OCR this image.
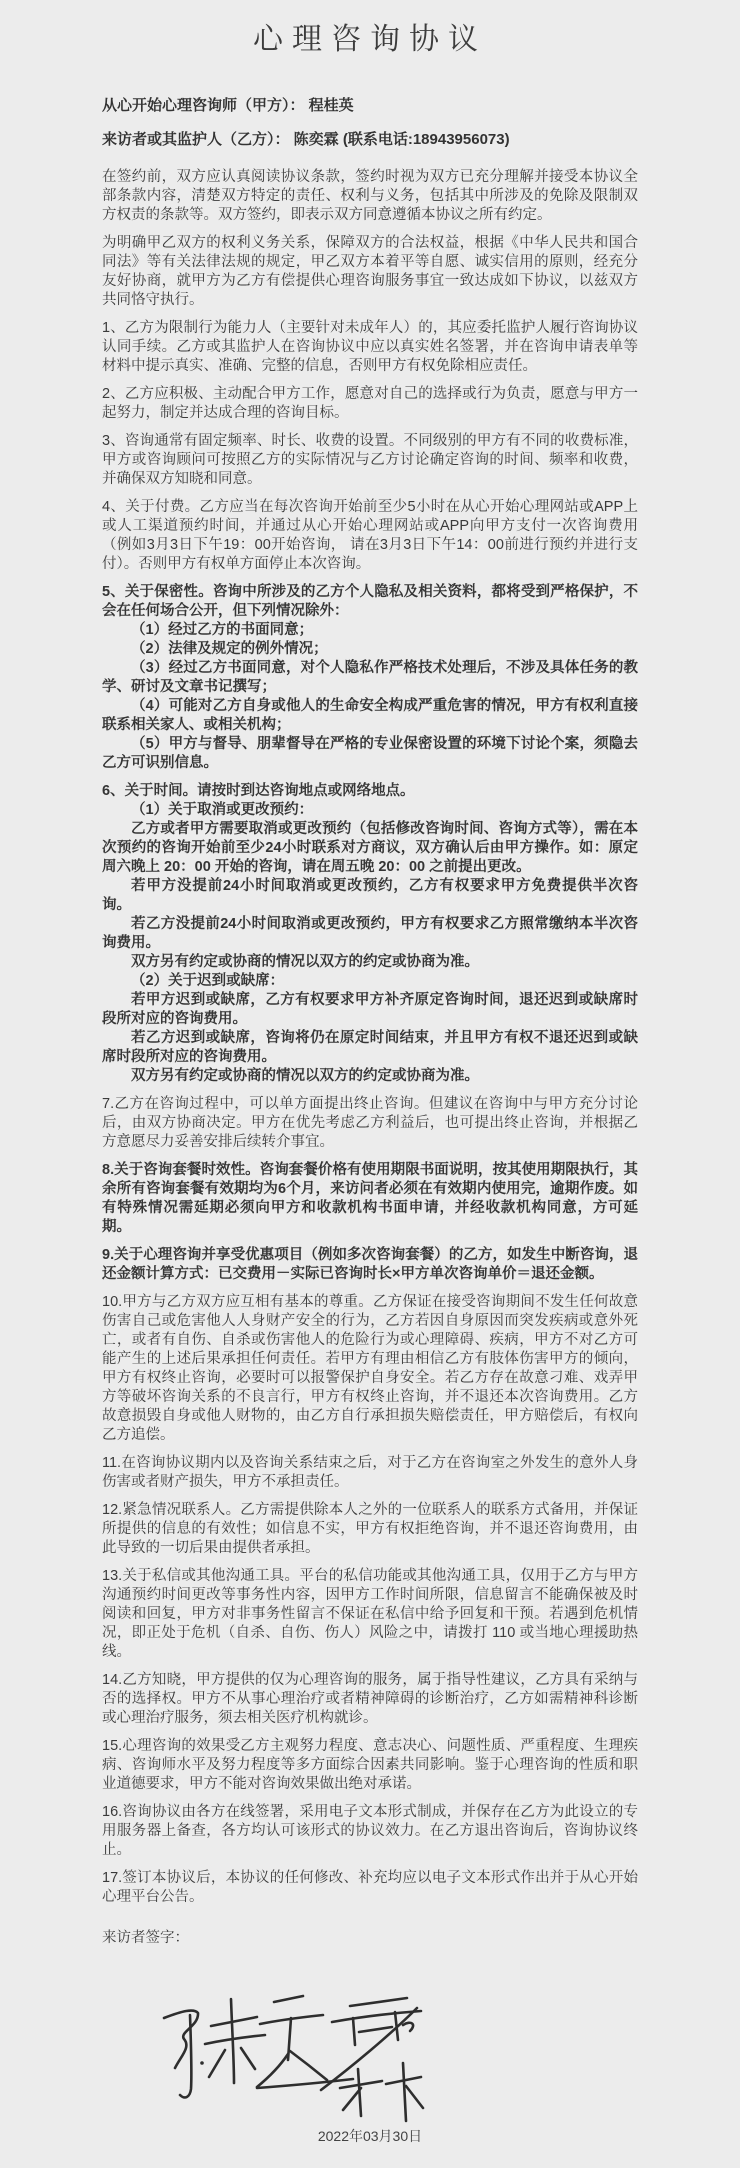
心理咨询协议

从心开始心理咨询师（甲方）： 程桂英

来访者或其监护人（乙方）： 陈奕霖 (联系电话:18943956073)

在签约前，双方应认真阅读协议条款，签约时视为双方已充分理解并接受本协议全部条款内容，清楚双方特定的责任、权利与义务，包括其中所涉及的免除及限制双方权责的条款等。双方签约，即表示双方同意遵循本协议之所有约定。

为明确甲乙双方的权利义务关系，保障双方的合法权益，根据《中华人民共和国合同法》等有关法律法规的规定，甲乙双方本着平等自愿、诚实信用的原则，经充分友好协商，就甲方为乙方有偿提供心理咨询服务事宜一致达成如下协议，以兹双方共同恪守执行。

1、乙方为限制行为能力人（主要针对未成年人）的，其应委托监护人履行咨询协议认同手续。乙方或其监护人在咨询协议中应以真实姓名签署，并在咨询申请表单等材料中提示真实、准确、完整的信息，否则甲方有权免除相应责任。

2、乙方应积极、主动配合甲方工作，愿意对自己的选择或行为负责，愿意与甲方一起努力，制定并达成合理的咨询目标。

3、咨询通常有固定频率、时长、收费的设置。不同级别的甲方有不同的收费标准，甲方或咨询顾问可按照乙方的实际情况与乙方讨论确定咨询的时间、频率和收费，并确保双方知晓和同意。

4、关于付费。乙方应当在每次咨询开始前至少5小时在从心开始心理网站或APP上或人工渠道预约时间，并通过从心开始心理网站或APP向甲方支付一次咨询费用（例如3月3日下午19：00开始咨询， 请在3月3日下午14：00前进行预约并进行支付）。否则甲方有权单方面停止本次咨询。

5、关于保密性。咨询中所涉及的乙方个人隐私及相关资料，都将受到严格保护，不会在任何场合公开，但下列情况除外：

（1）经过乙方的书面同意；

（2）法律及规定的例外情况；

（3）经过乙方书面同意，对个人隐私作严格技术处理后，不涉及具体任务的教学、研讨及文章书记撰写；

（4）可能对乙方自身或他人的生命安全构成严重危害的情况，甲方有权利直接联系相关家人、或相关机构；

（5）甲方与督导、朋辈督导在严格的专业保密设置的环境下讨论个案，须隐去乙方可识别信息。

6、关于时间。请按时到达咨询地点或网络地点。

（1）关于取消或更改预约：

乙方或者甲方需要取消或更改预约（包括修改咨询时间、咨询方式等），需在本次预约的咨询开始前至少24小时联系对方商议，双方确认后由甲方操作。如：原定周六晚上 20：00 开始的咨询，请在周五晚 20：00 之前提出更改。

若甲方没提前24小时间取消或更改预约，乙方有权要求甲方免费提供半次咨询。

若乙方没提前24小时间取消或更改预约，甲方有权要求乙方照常缴纳本半次咨询费用。

双方另有约定或协商的情况以双方的约定或协商为准。

（2）关于迟到或缺席：

若甲方迟到或缺席，乙方有权要求甲方补齐原定咨询时间，退还迟到或缺席时段所对应的咨询费用。

若乙方迟到或缺席，咨询将仍在原定时间结束，并且甲方有权不退还迟到或缺席时段所对应的咨询费用。

双方另有约定或协商的情况以双方的约定或协商为准。

7.乙方在咨询过程中，可以单方面提出终止咨询。但建议在咨询中与甲方充分讨论后，由双方协商决定。甲方在优先考虑乙方利益后，也可提出终止咨询，并根据乙方意愿尽力妥善安排后续转介事宜。

8.关于咨询套餐时效性。咨询套餐价格有使用期限书面说明，按其使用期限执行，其余所有咨询套餐有效期均为6个月，来访问者必须在有效期内使用完，逾期作废。如有特殊情况需延期必须向甲方和收款机构书面申请，并经收款机构同意，方可延期。

9.关于心理咨询并享受优惠项目（例如多次咨询套餐）的乙方，如发生中断咨询，退还金额计算方式：已交费用－实际已咨询时长×甲方单次咨询单价＝退还金额。

10.甲方与乙方双方应互相有基本的尊重。乙方保证在接受咨询期间不发生任何故意伤害自己或危害他人人身财产安全的行为，乙方若因自身原因而突发疾病或意外死亡，或者有自伤、自杀或伤害他人的危险行为或心理障碍、疾病，甲方不对乙方可能产生的上述后果承担任何责任。若甲方有理由相信乙方有肢体伤害甲方的倾向，甲方有权终止咨询，必要时可以报警保护自身安全。若乙方存在故意刁难、戏弄甲方等破坏咨询关系的不良言行，甲方有权终止咨询，并不退还本次咨询费用。乙方故意损毁自身或他人财物的，由乙方自行承担损失赔偿责任，甲方赔偿后，有权向乙方追偿。

11.在咨询协议期内以及咨询关系结束之后，对于乙方在咨询室之外发生的意外人身伤害或者财产损失，甲方不承担责任。

12.紧急情况联系人。乙方需提供除本人之外的一位联系人的联系方式备用，并保证所提供的信息的有效性；如信息不实，甲方有权拒绝咨询，并不退还咨询费用，由此导致的一切后果由提供者承担。

13.关于私信或其他沟通工具。平台的私信功能或其他沟通工具，仅用于乙方与甲方沟通预约时间更改等事务性内容，因甲方工作时间所限，信息留言不能确保被及时阅读和回复，甲方对非事务性留言不保证在私信中给予回复和干预。若遇到危机情况，即正处于危机（自杀、自伤、伤人）风险之中，请拨打 110 或当地心理援助热线。

14.乙方知晓，甲方提供的仅为心理咨询的服务，属于指导性建议，乙方具有采纳与否的选择权。甲方不从事心理治疗或者精神障碍的诊断治疗，乙方如需精神科诊断或心理治疗服务，须去相关医疗机构就诊。

15.心理咨询的效果受乙方主观努力程度、意志决心、问题性质、严重程度、生理疾病、咨询师水平及努力程度等多方面综合因素共同影响。鉴于心理咨询的性质和职业道德要求，甲方不能对咨询效果做出绝对承诺。

16.咨询协议由各方在线签署，采用电子文本形式制成，并保存在乙方为此设立的专用服务器上备查，各方均认可该形式的协议效力。在乙方退出咨询后，咨询协议终止。

17.签订本协议后，本协议的任何修改、补充均应以电子文本形式作出并于从心开始心理平台公告。

来访者签字：

2022年03月30日
